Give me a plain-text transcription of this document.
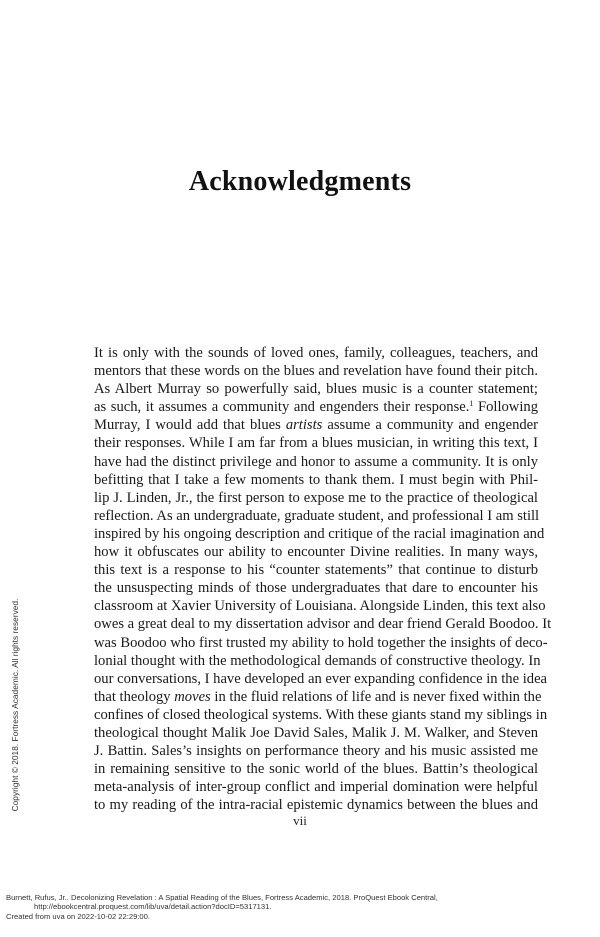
Acknowledgments
It is only with the sounds of loved ones, family, colleagues, teachers, and
mentors that these words on the blues and revelation have found their pitch.
As Albert Murray so powerfully said, blues music is a counter statement;
as such, it assumes a community and engenders their response.$^1$ Following
Murray, I would add that blues artists assume a community and engender
their responses. While I am far from a blues musician, in writing this text, I
have had the distinct privilege and honor to assume a community. It is only
befitting that I take a few moments to thank them. I must begin with Phil-
lip J. Linden, Jr., the first person to expose me to the practice of theological
reflection. As an undergraduate, graduate student, and professional I am still
inspired by his ongoing description and critique of the racial imagination and
how it obfuscates our ability to encounter Divine realities. In many ways,
this text is a response to his “counter statements” that continue to disturb
the unsuspecting minds of those undergraduates that dare to encounter his
classroom at Xavier University of Louisiana. Alongside Linden, this text also
owes a great deal to my dissertation advisor and dear friend Gerald Boodoo. It
was Boodoo who first trusted my ability to hold together the insights of deco-
lonial thought with the methodological demands of constructive theology. In
our conversations, I have developed an ever expanding confidence in the idea
that theology moves in the fluid relations of life and is never fixed within the
confines of closed theological systems. With these giants stand my siblings in
theological thought Malik Joe David Sales, Malik J. M. Walker, and Steven
J. Battin. Sales’s insights on performance theory and his music assisted me
in remaining sensitive to the sonic world of the blues. Battin’s theological
meta-analysis of inter-group conflict and imperial domination were helpful
to my reading of the intra-racial epistemic dynamics between the blues and
vii
Copyright © 2018. Fortress Academic. All rights reserved.
Burnett, Rufus, Jr.. Decolonizing Revelation : A Spatial Reading of the Blues, Fortress Academic, 2018. ProQuest Ebook Central,
http://ebookcentral.proquest.com/lib/uva/detail.action?docID=5317131.
Created from uva on 2022-10-02 22:29:00.
